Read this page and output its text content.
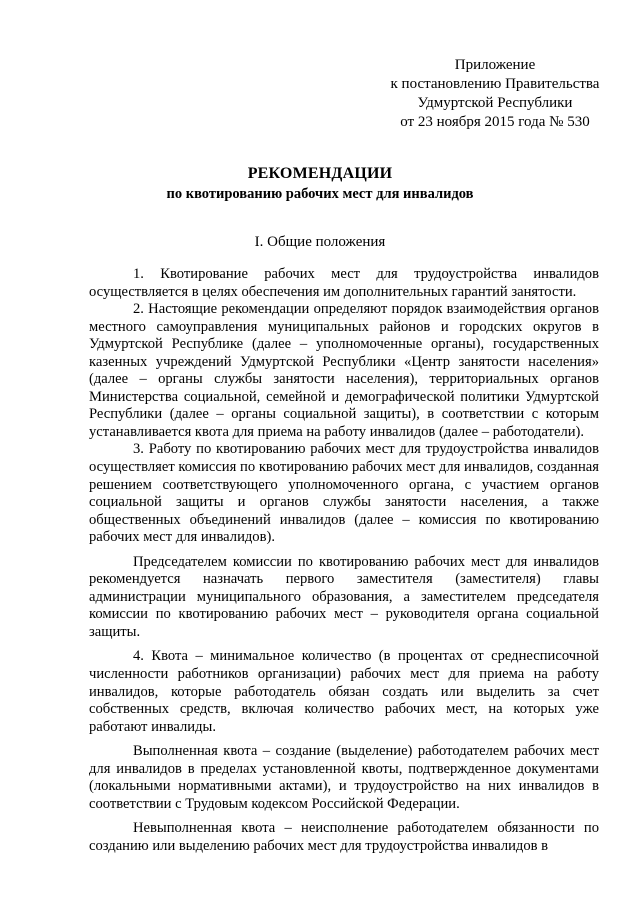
Приложение
к постановлению Правительства
Удмуртской Республики
от 23 ноября 2015 года № 530
РЕКОМЕНДАЦИИ
по квотированию рабочих мест для инвалидов
I. Общие положения

1. Квотирование рабочих мест для трудоустройства инвалидов осуществляется в целях обеспечения им дополнительных гарантий занятости.

2. Настоящие рекомендации определяют порядок взаимодействия органов местного самоуправления муниципальных районов и городских округов в Удмуртской Республике (далее – уполномоченные органы), государственных казенных учреждений Удмуртской Республики «Центр занятости населения» (далее – органы службы занятости населения), территориальных органов Министерства социальной, семейной и демографической политики Удмуртской Республики (далее – органы социальной защиты), в соответствии с которым устанавливается квота для приема на работу инвалидов (далее – работодатели).

3. Работу по квотированию рабочих мест для трудоустройства инвалидов осуществляет комиссия по квотированию рабочих мест для инвалидов, созданная решением соответствующего уполномоченного органа, с участием органов социальной защиты и органов службы занятости населения, а также общественных объединений инвалидов (далее – комиссия по квотированию рабочих мест для инвалидов).

Председателем комиссии по квотированию рабочих мест для инвалидов рекомендуется назначать первого заместителя (заместителя) главы администрации муниципального образования, а заместителем председателя комиссии по квотированию рабочих мест – руководителя органа социальной защиты.

4. Квота – минимальное количество (в процентах от среднесписочной численности работников организации) рабочих мест для приема на работу инвалидов, которые работодатель обязан создать или выделить за счет собственных средств, включая количество рабочих мест, на которых уже работают инвалиды.

Выполненная квота – создание (выделение) работодателем рабочих мест для инвалидов в пределах установленной квоты, подтвержденное документами (локальными нормативными актами), и трудоустройство на них инвалидов в соответствии с Трудовым кодексом Российской Федерации.

Невыполненная квота – неисполнение работодателем обязанности по созданию или выделению рабочих мест для трудоустройства инвалидов в
